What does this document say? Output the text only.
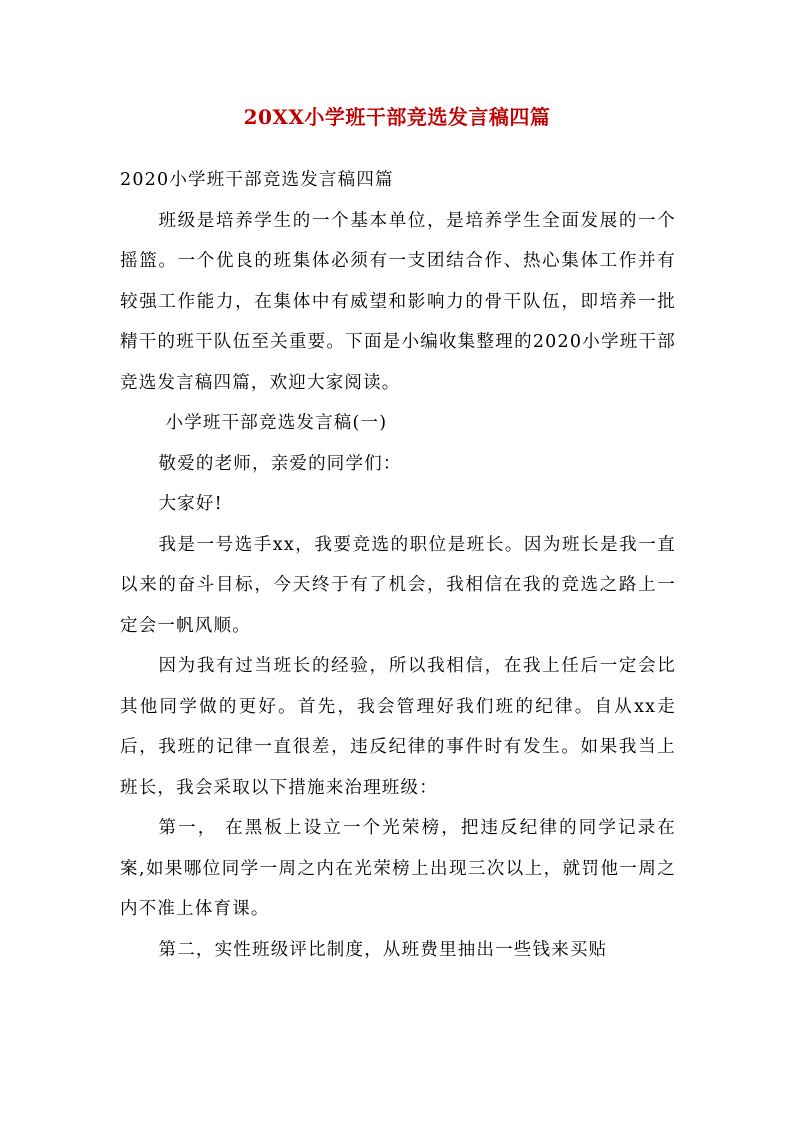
20XX小学班干部竞选发言稿四篇

2020小学班干部竞选发言稿四篇

班级是培养学生的一个基本单位，是培养学生全面发展的一个摇篮。一个优良的班集体必须有一支团结合作、热心集体工作并有较强工作能力，在集体中有威望和影响力的骨干队伍，即培养一批精干的班干队伍至关重要。下面是小编收集整理的2020小学班干部竞选发言稿四篇，欢迎大家阅读。

小学班干部竞选发言稿(一)

敬爱的老师，亲爱的同学们：

大家好!

我是一号选手xx，我要竞选的职位是班长。因为班长是我一直以来的奋斗目标，今天终于有了机会，我相信在我的竞选之路上一定会一帆风顺。

因为我有过当班长的经验，所以我相信，在我上任后一定会比其他同学做的更好。首先，我会管理好我们班的纪律。自从xx走后，我班的记律一直很差，违反纪律的事件时有发生。如果我当上班长，我会采取以下措施来治理班级：

第一， 在黑板上设立一个光荣榜，把违反纪律的同学记录在案,如果哪位同学一周之内在光荣榜上出现三次以上，就罚他一周之内不准上体育课。

第二，实性班级评比制度，从班费里抽出一些钱来买贴
